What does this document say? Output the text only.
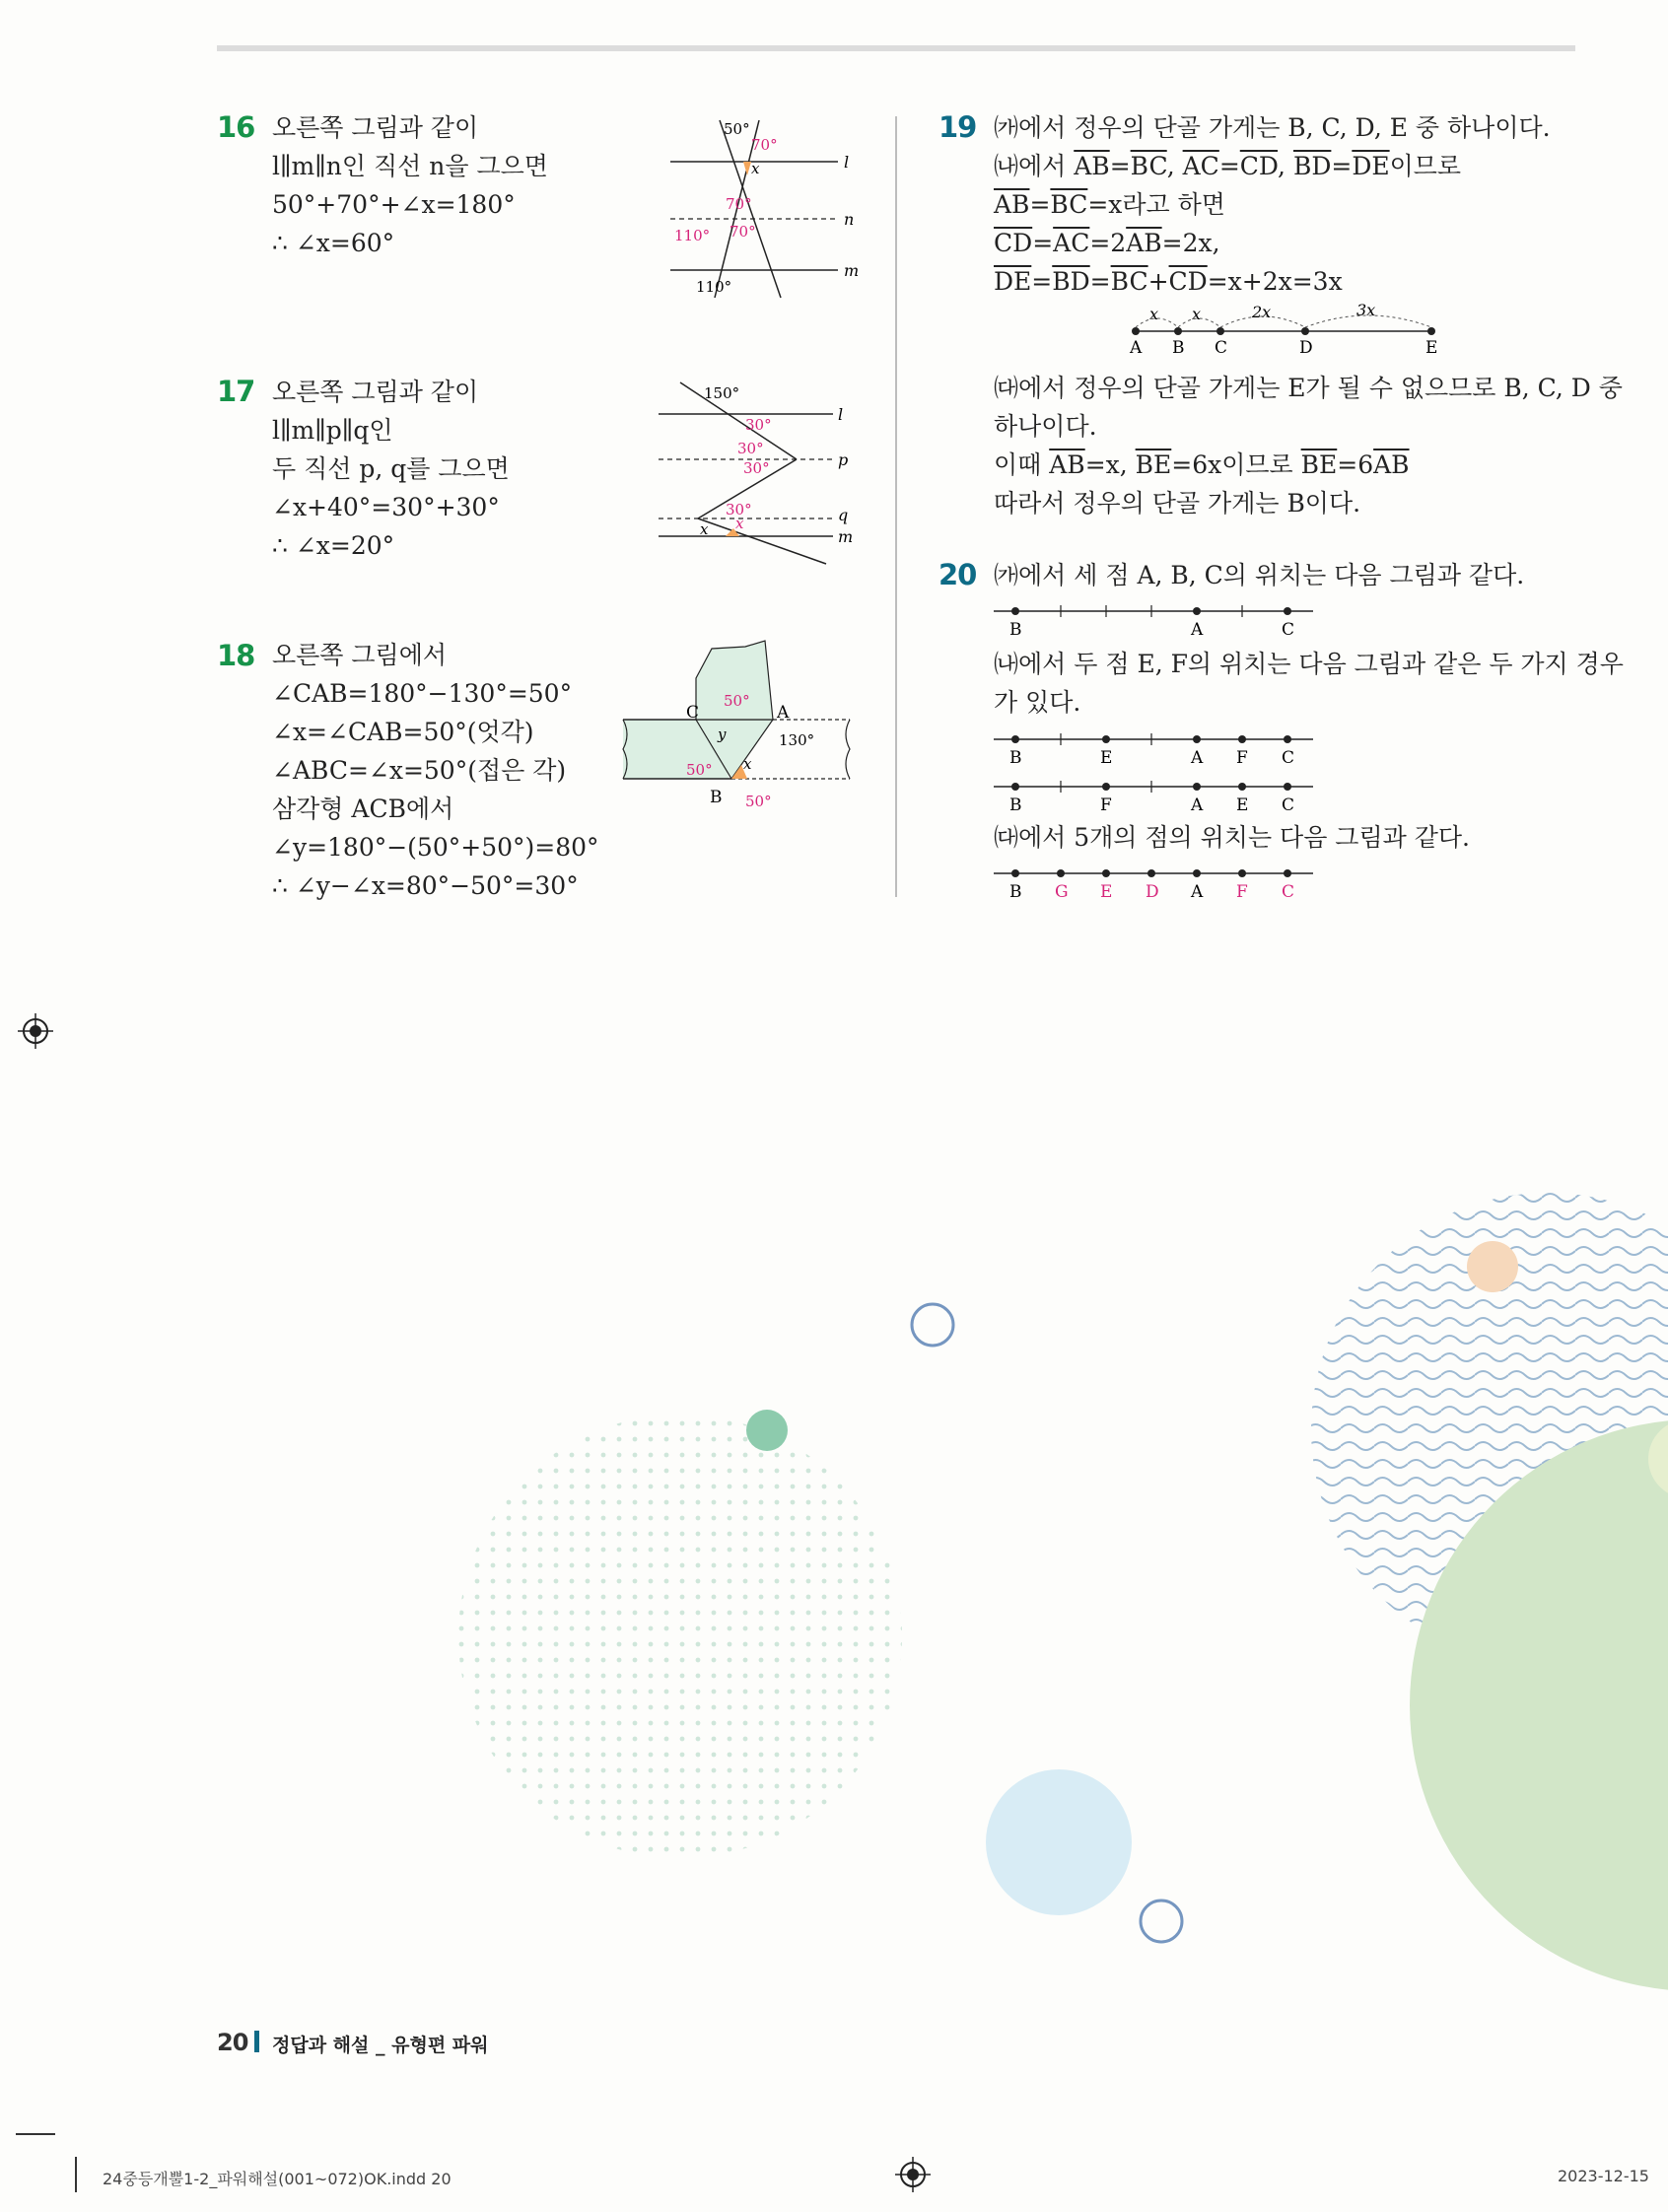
16 오른쪽 그림과 같이
l∥m∥n인 직선 n을 그으면
50°+70°+∠x=180°
∴ ∠x=60°
50°
70°
x
70°
70°
110°
110°
l
n
m
17 오른쪽 그림과 같이
l∥m∥p∥q인
두 직선 p, q를 그으면
∠x+40°=30°+30°
∴ ∠x=20°
150°
30°
30°
30°
30°
x x
l
p
q
m
18 오른쪽 그림에서
∠CAB=180°−130°=50°
∠x=∠CAB=50°(엇각)
∠ABC=∠x=50°(접은 각)
삼각형 ACB에서
∠y=180°−(50°+50°)=80°
∴ ∠y−∠x=80°−50°=30°
C	A
B
50°
130°
y
x
50°
50°
19 ㈎에서 정우의 단골 가게는 B, C, D, E 중 하나이다.
㈏에서 $\overline{AB}=\overline{BC}$, $\overline{AC}=\overline{CD}$, $\overline{BD}=\overline{DE}$이므로
$\overline{AB}=\overline{BC}=x$라고 하면
$\overline{CD}=\overline{AC}=2\overline{AB}=2x$,
$\overline{DE}=\overline{BD}=\overline{BC}+\overline{CD}=x+2x=3x$
x x	2x	3x
A B C	D	E
㈐에서 정우의 단골 가게는 E가 될 수 없으므로 B, C, D 중
하나이다.
이때 $\overline{AB}=x$, $\overline{BE}=6x$이므로 $\overline{BE}=6\overline{AB}$
따라서 정우의 단골 가게는 B이다.
20 ㈎에서 세 점 A, B, C의 위치는 다음 그림과 같다.
B	A	C
㈏에서 두 점 E, F의 위치는 다음 그림과 같은 두 가지 경우
가 있다.
B	E	A F C
B	F	A E C
㈐에서 5개의 점의 위치는 다음 그림과 같다.
B G E D A F C
20 정답과 해설 _ 유형편 파워
24중등개뿔1-2_파워해설(001~072)OK.indd 20	2023-12-15
